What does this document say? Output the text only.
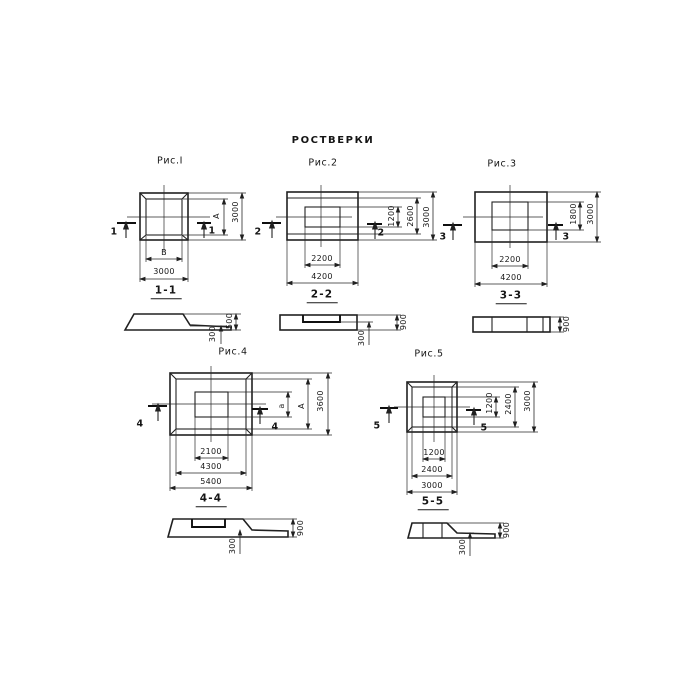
РОСТВЕРКИ
Рис.I	Рис.2	Рис.3
Рис.4	Рис.5
В
3000
А 3000
1	1
2200
4200
1200 2600 3000
2	2
2200
4200
1800 3000
3	3
2100
4300
5400
а А 3600
4	4
1200
2400
3000
1200 2400 3000
5	5
1-1	2-2	3-3
4-4	5-5
300
500
300
900	900
300
900
300
900
